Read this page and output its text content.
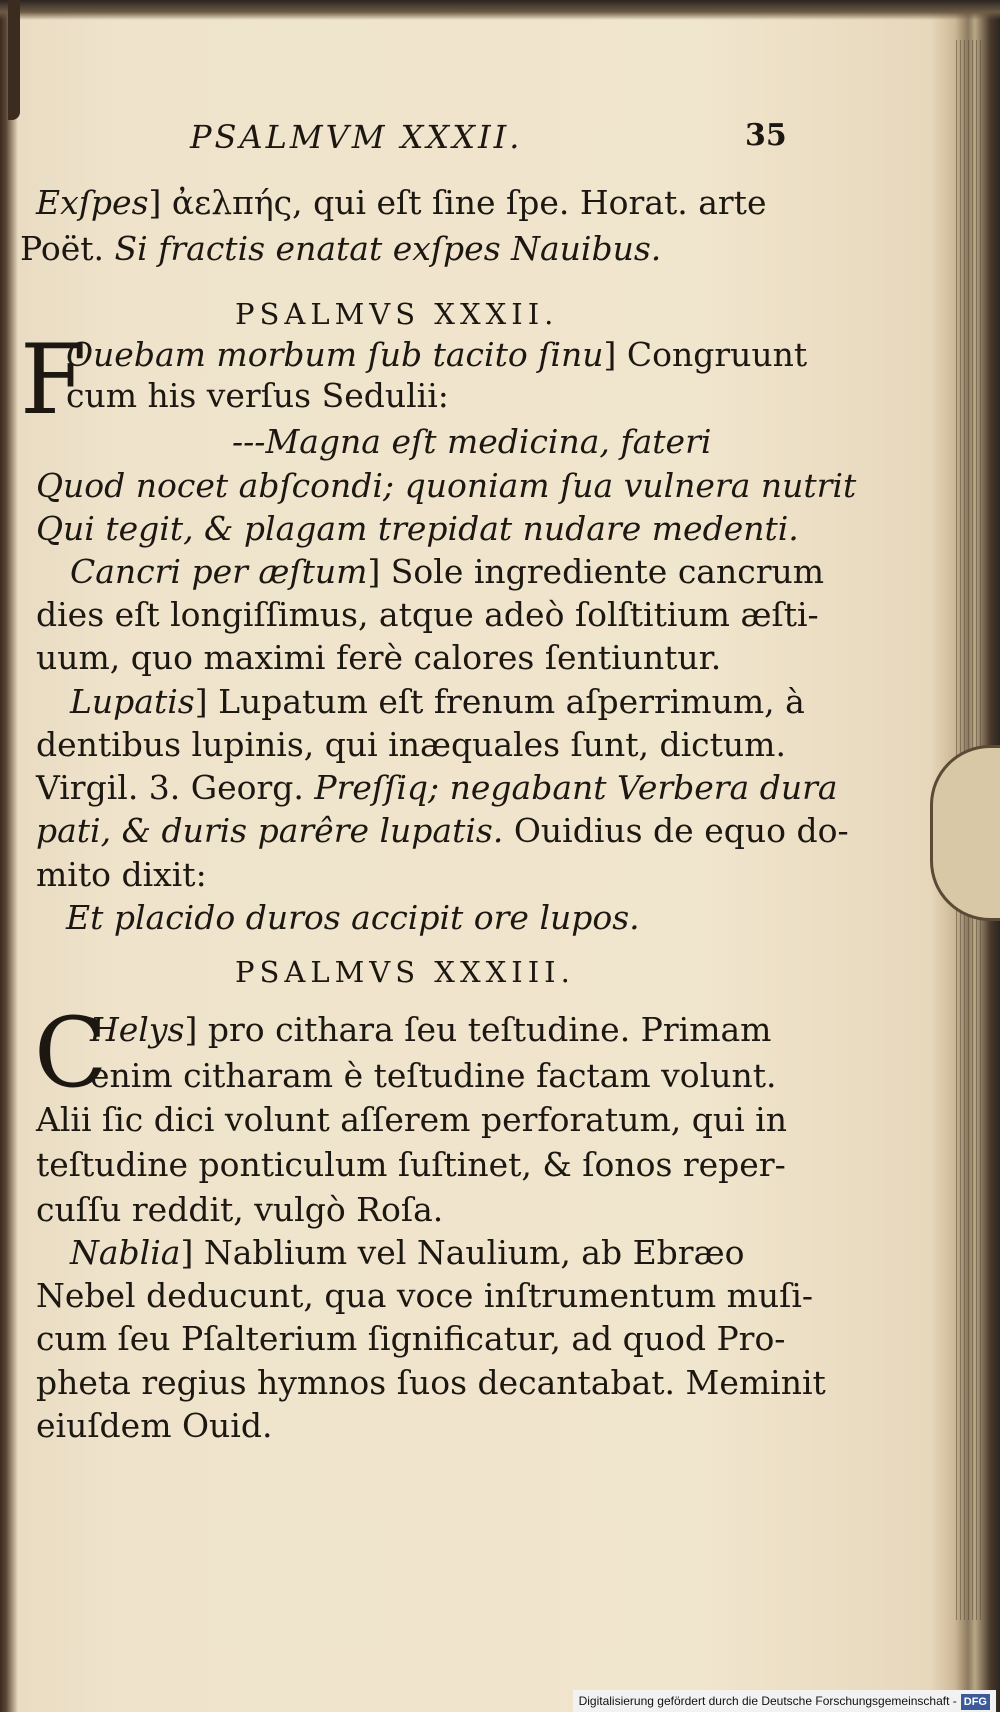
PSALMVM XXXII.	35
PSALMVS XXXII.
PSALMVS XXXIII.
F
C
Exſpes] ἀελπής, qui eſt ſine ſpe. Horat. arte
Poët. Si fractis enatat exſpes Nauibus.
Ouebam morbum ſub tacito ſinu] Congruunt
cum his verſus Sedulii:
---Magna eſt medicina, fateri
Quod nocet abſcondi; quoniam ſua vulnera nutrit
Qui tegit, & plagam trepidat nudare medenti.
Cancri per æſtum] Sole ingrediente cancrum
dies eſt longiſſimus, atque adeò ſolſtitium æſti-
uum, quo maximi ferè calores ſentiuntur.
Lupatis] Lupatum eſt frenum aſperrimum, à
dentibus lupinis, qui inæquales ſunt, dictum.
Virgil. 3. Georg. Preſſiq; negabant Verbera dura
pati, & duris parêre lupatis. Ouidius de equo do-
mito dixit:
Et placido duros accipit ore lupos.
Helys] pro cithara ſeu teſtudine. Primam
enim citharam è teſtudine factam volunt.
Alii ſic dici volunt aſſerem perforatum, qui in
teſtudine ponticulum ſuſtinet, & ſonos reper-
cuſſu reddit, vulgò Roſa.
Nablia] Nablium vel Naulium, ab Ebræo
Nebel deducunt, qua voce inſtrumentum muſi-
cum ſeu Pſalterium ſignificatur, ad quod Pro-
pheta regius hymnos ſuos decantabat. Meminit
eiuſdem Ouid.
Digitalisierung gefördert durch die Deutsche Forschungsgemeinschaft - DFG
